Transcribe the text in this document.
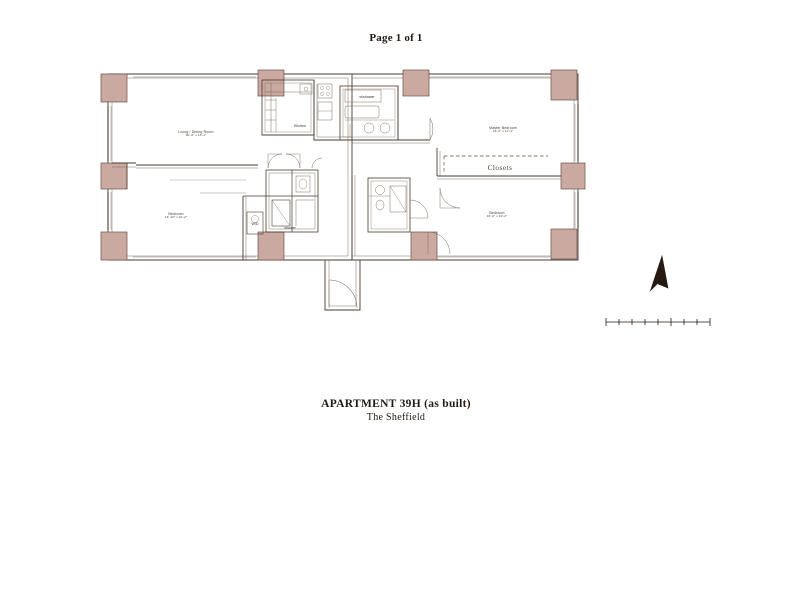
Page 1 of 1
Living / Dining Room
20'-0" x 13'-4"
Bedroom
13'-10" x 10'-2"
Master Bedroom
15'-6" x 11'-4"
Bedroom
10'-0" x 10'-2"
Kitchen
w/shower
W/D
shower
Closets
APARTMENT 39H (as built)
The Sheffield
